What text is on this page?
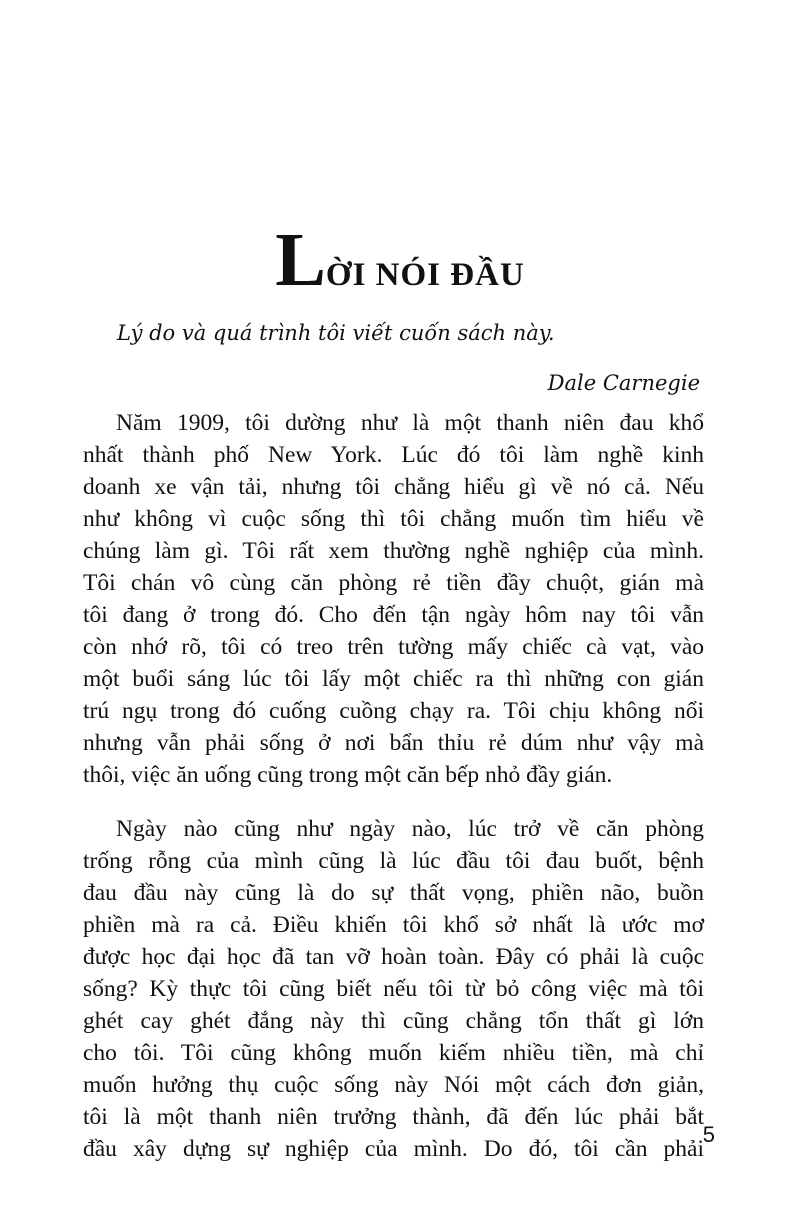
LỜI NÓI ĐẦU
Lý do và quá trình tôi viết cuốn sách này.
Dale Carnegie
Năm 1909, tôi dường như là một thanh niên đau khổ
nhất thành phố New York. Lúc đó tôi làm nghề kinh
doanh xe vận tải, nhưng tôi chẳng hiểu gì về nó cả. Nếu
như không vì cuộc sống thì tôi chẳng muốn tìm hiểu về
chúng làm gì. Tôi rất xem thường nghề nghiệp của mình.
Tôi chán vô cùng căn phòng rẻ tiền đầy chuột, gián mà
tôi đang ở trong đó. Cho đến tận ngày hôm nay tôi vẫn
còn nhớ rõ, tôi có treo trên tường mấy chiếc cà vạt, vào
một buổi sáng lúc tôi lấy một chiếc ra thì những con gián
trú ngụ trong đó cuống cuồng chạy ra. Tôi chịu không nổi
nhưng vẫn phải sống ở nơi bẩn thỉu rẻ dúm như vậy mà
thôi, việc ăn uống cũng trong một căn bếp nhỏ đầy gián.
Ngày nào cũng như ngày nào, lúc trở về căn phòng
trống rỗng của mình cũng là lúc đầu tôi đau buốt, bệnh
đau đầu này cũng là do sự thất vọng, phiền não, buồn
phiền mà ra cả. Điều khiến tôi khổ sở nhất là ước mơ
được học đại học đã tan vỡ hoàn toàn. Đây có phải là cuộc
sống? Kỳ thực tôi cũng biết nếu tôi từ bỏ công việc mà tôi
ghét cay ghét đắng này thì cũng chẳng tổn thất gì lớn
cho tôi. Tôi cũng không muốn kiếm nhiều tiền, mà chỉ
muốn hưởng thụ cuộc sống này Nói một cách đơn giản,
tôi là một thanh niên trưởng thành, đã đến lúc phải bắt
đầu xây dựng sự nghiệp của mình. Do đó, tôi cần phải
5
